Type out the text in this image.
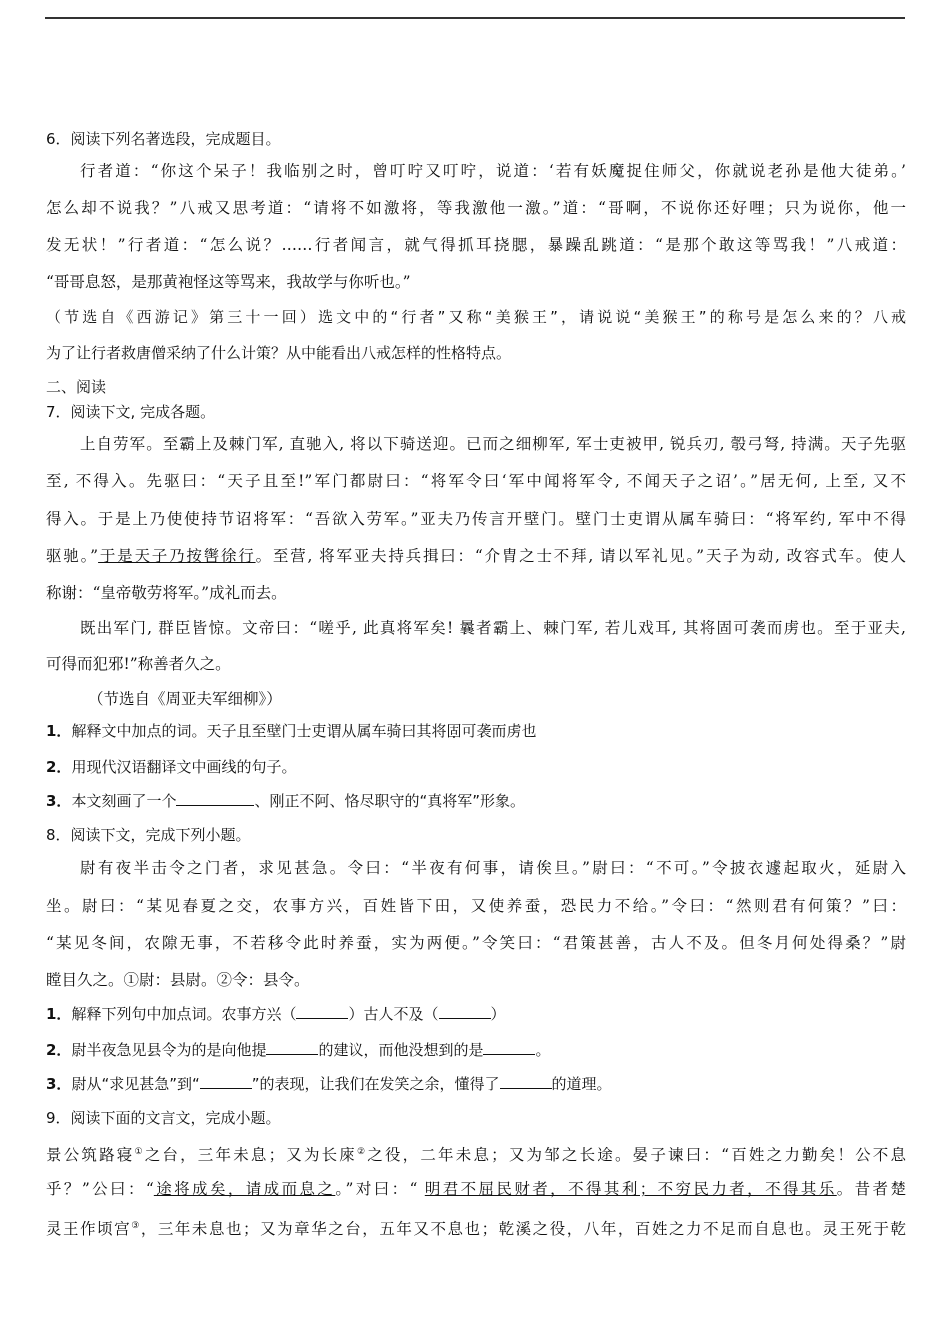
6．阅读下列名著选段，完成题目。
行者道：“你这个呆子！我临别之时，曾叮咛又叮咛，说道：‘若有妖魔捉住师父，你就说老孙是他大徒弟。’
怎么却不说我？”八戒又思考道：“请将不如激将，等我激他一激。”道：“哥啊，不说你还好哩；只为说你，他一
发无状！”行者道：“怎么说？……行者闻言，就气得抓耳挠腮，暴躁乱跳道：“是那个敢这等骂我！”八戒道：
“哥哥息怒，是那黄袍怪这等骂来，我故学与你听也。”
（节选自《西游记》第三十一回）选文中的“行者”又称“美猴王”，请说说“美猴王”的称号是怎么来的？八戒
为了让行者救唐僧采纳了什么计策？从中能看出八戒怎样的性格特点。
二、阅读
7．阅读下文, 完成各题。
上自劳军。至霸上及棘门军, 直驰入, 将以下骑送迎。已而之细柳军, 军士吏被甲, 锐兵刃, 彀弓弩, 持满。天子先驱
至, 不得入。先驱曰：“天子且至!”军门都尉曰：“将军令曰‘军中闻将军令, 不闻天子之诏’。”居无何, 上至, 又不
得入。于是上乃使使持节诏将军：“吾欲入劳军。”亚夫乃传言开壁门。壁门士吏谓从属车骑曰：“将军约, 军中不得
驱驰。”于是天子乃按辔徐行。至营, 将军亚夫持兵揖曰：“介胄之士不拜, 请以军礼见。”天子为动, 改容式车。使人
称谢：“皇帝敬劳将军。”成礼而去。
既出军门, 群臣皆惊。文帝曰：“嗟乎, 此真将军矣! 曩者霸上、棘门军, 若儿戏耳, 其将固可袭而虏也。至于亚夫,
可得而犯邪!”称善者久之。
（节选自《周亚夫军细柳》）
1．解释文中加点的词。天子且至壁门士吏谓从属车骑曰其将固可袭而虏也
2．用现代汉语翻译文中画线的句子。
3．本文刻画了一个	、刚正不阿、恪尽职守的“真将军”形象。
8．阅读下文，完成下列小题。
尉有夜半击令之门者，求见甚急。令曰：“半夜有何事，请俟旦。”尉曰：“不可。”令披衣遽起取火，延尉入
坐。尉曰：“某见春夏之交，农事方兴，百姓皆下田，又使养蚕，恐民力不给。”令曰：“然则君有何策？”曰：
“某见冬间，农隙无事，不若移令此时养蚕，实为两便。”令笑曰：“君策甚善，古人不及。但冬月何处得桑？”尉
瞠目久之。①尉：县尉。②令：县令。
1．解释下列句中加点词。农事方兴（	）古人不及（	）
2．尉半夜急见县令为的是向他提	的建议，而他没想到的是	。
3．尉从“求见甚急”到“	”的表现，让我们在发笑之余，懂得了	的道理。
9．阅读下面的文言文，完成小题。
景公筑路寝①之台，三年未息；又为长庲②之役，二年未息；又为邹之长途。晏子谏曰：“百姓之力勤矣！公不息
乎？”公曰：“途将成矣，请成而息之。”对曰：“ 明君不屈民财者，不得其利；不穷民力者，不得其乐。昔者楚
灵王作顷宫③，三年未息也；又为章华之台，五年又不息也；乾溪之役，八年，百姓之力不足而自息也。灵王死于乾
